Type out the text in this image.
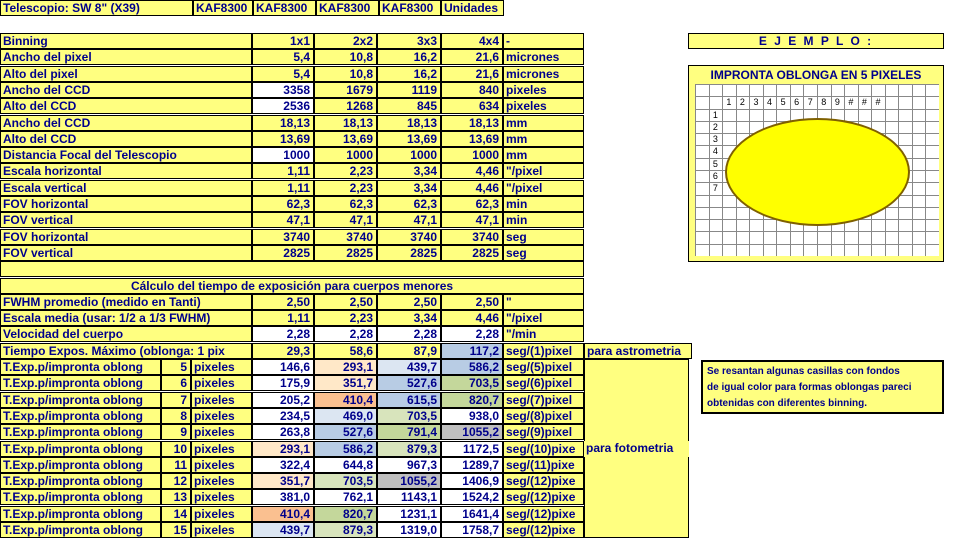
Telescopio: SW 8" (X39)	KAF8300 KAF8300 KAF8300 KAF8300 Unidades
Binning	1x1	2x2	3x3	4x4 -
Ancho del pixel	5,4	10,8	16,2	21,6 micrones
Alto del pixel	5,4	10,8	16,2	21,6 micrones
Ancho del CCD	3358	1679	1119	840 pixeles
Alto del CCD	2536	1268	845	634 pixeles
Ancho del CCD	18,13	18,13	18,13	18,13 mm
Alto del CCD	13,69	13,69	13,69	13,69 mm
Distancia Focal del Telescopio	1000	1000	1000	1000 mm
Escala horizontal	1,11	2,23	3,34	4,46 "/pixel
Escala vertical	1,11	2,23	3,34	4,46 "/pixel
FOV horizontal	62,3	62,3	62,3	62,3 min
FOV vertical	47,1	47,1	47,1	47,1 min
FOV horizontal	3740	3740	3740	3740 seg
FOV vertical	2825	2825	2825	2825 seg
Cálculo del tiempo de exposición para cuerpos menores
FWHM promedio (medido en Tanti)	2,50	2,50	2,50	2,50 "
Escala media (usar: 1/2 a 1/3 FWHM)	1,11	2,23	3,34	4,46 "/pixel
Velocidad del cuerpo	2,28	2,28	2,28	2,28 "/min
Tiempo Expos. Máximo (oblonga: 1 pix	29,3	58,6	87,9	117,2 seg/(1)pixel	para astrometria
T.Exp.p/impronta oblong	5 pixeles	146,6	293,1	439,7	586,2 seg/(5)pixel
T.Exp.p/impronta oblong	6 pixeles	175,9	351,7	527,6	703,5 seg/(6)pixel
T.Exp.p/impronta oblong	7 pixeles	205,2	410,4	615,5	820,7 seg/(7)pixel
T.Exp.p/impronta oblong	8 pixeles	234,5	469,0	703,5	938,0 seg/(8)pixel
T.Exp.p/impronta oblong	9 pixeles	263,8	527,6	791,4	1055,2 seg/(9)pixel
T.Exp.p/impronta oblong	10 pixeles	293,1	586,2	879,3	1172,5 seg/(10)pixe
T.Exp.p/impronta oblong	11 pixeles	322,4	644,8	967,3	1289,7 seg/(11)pixe
T.Exp.p/impronta oblong	12 pixeles	351,7	703,5	1055,2	1406,9 seg/(12)pixe
T.Exp.p/impronta oblong	13 pixeles	381,0	762,1	1143,1	1524,2 seg/(12)pixe
T.Exp.p/impronta oblong	14 pixeles	410,4	820,7	1231,1	1641,4 seg/(12)pixe
T.Exp.p/impronta oblong	15 pixeles	439,7	879,3	1319,0	1758,7 seg/(12)pixe
para fotometria
Se resantan algunas casillas con fondos
de igual color para formas oblongas pareci
obtenidas con diferentes binning.
E J E M P L O :
IMPRONTA OBLONGA EN 5 PIXELES
1 2 3 4 5 6 7 8 9 # # #
1
2
3
4
5
6
7
